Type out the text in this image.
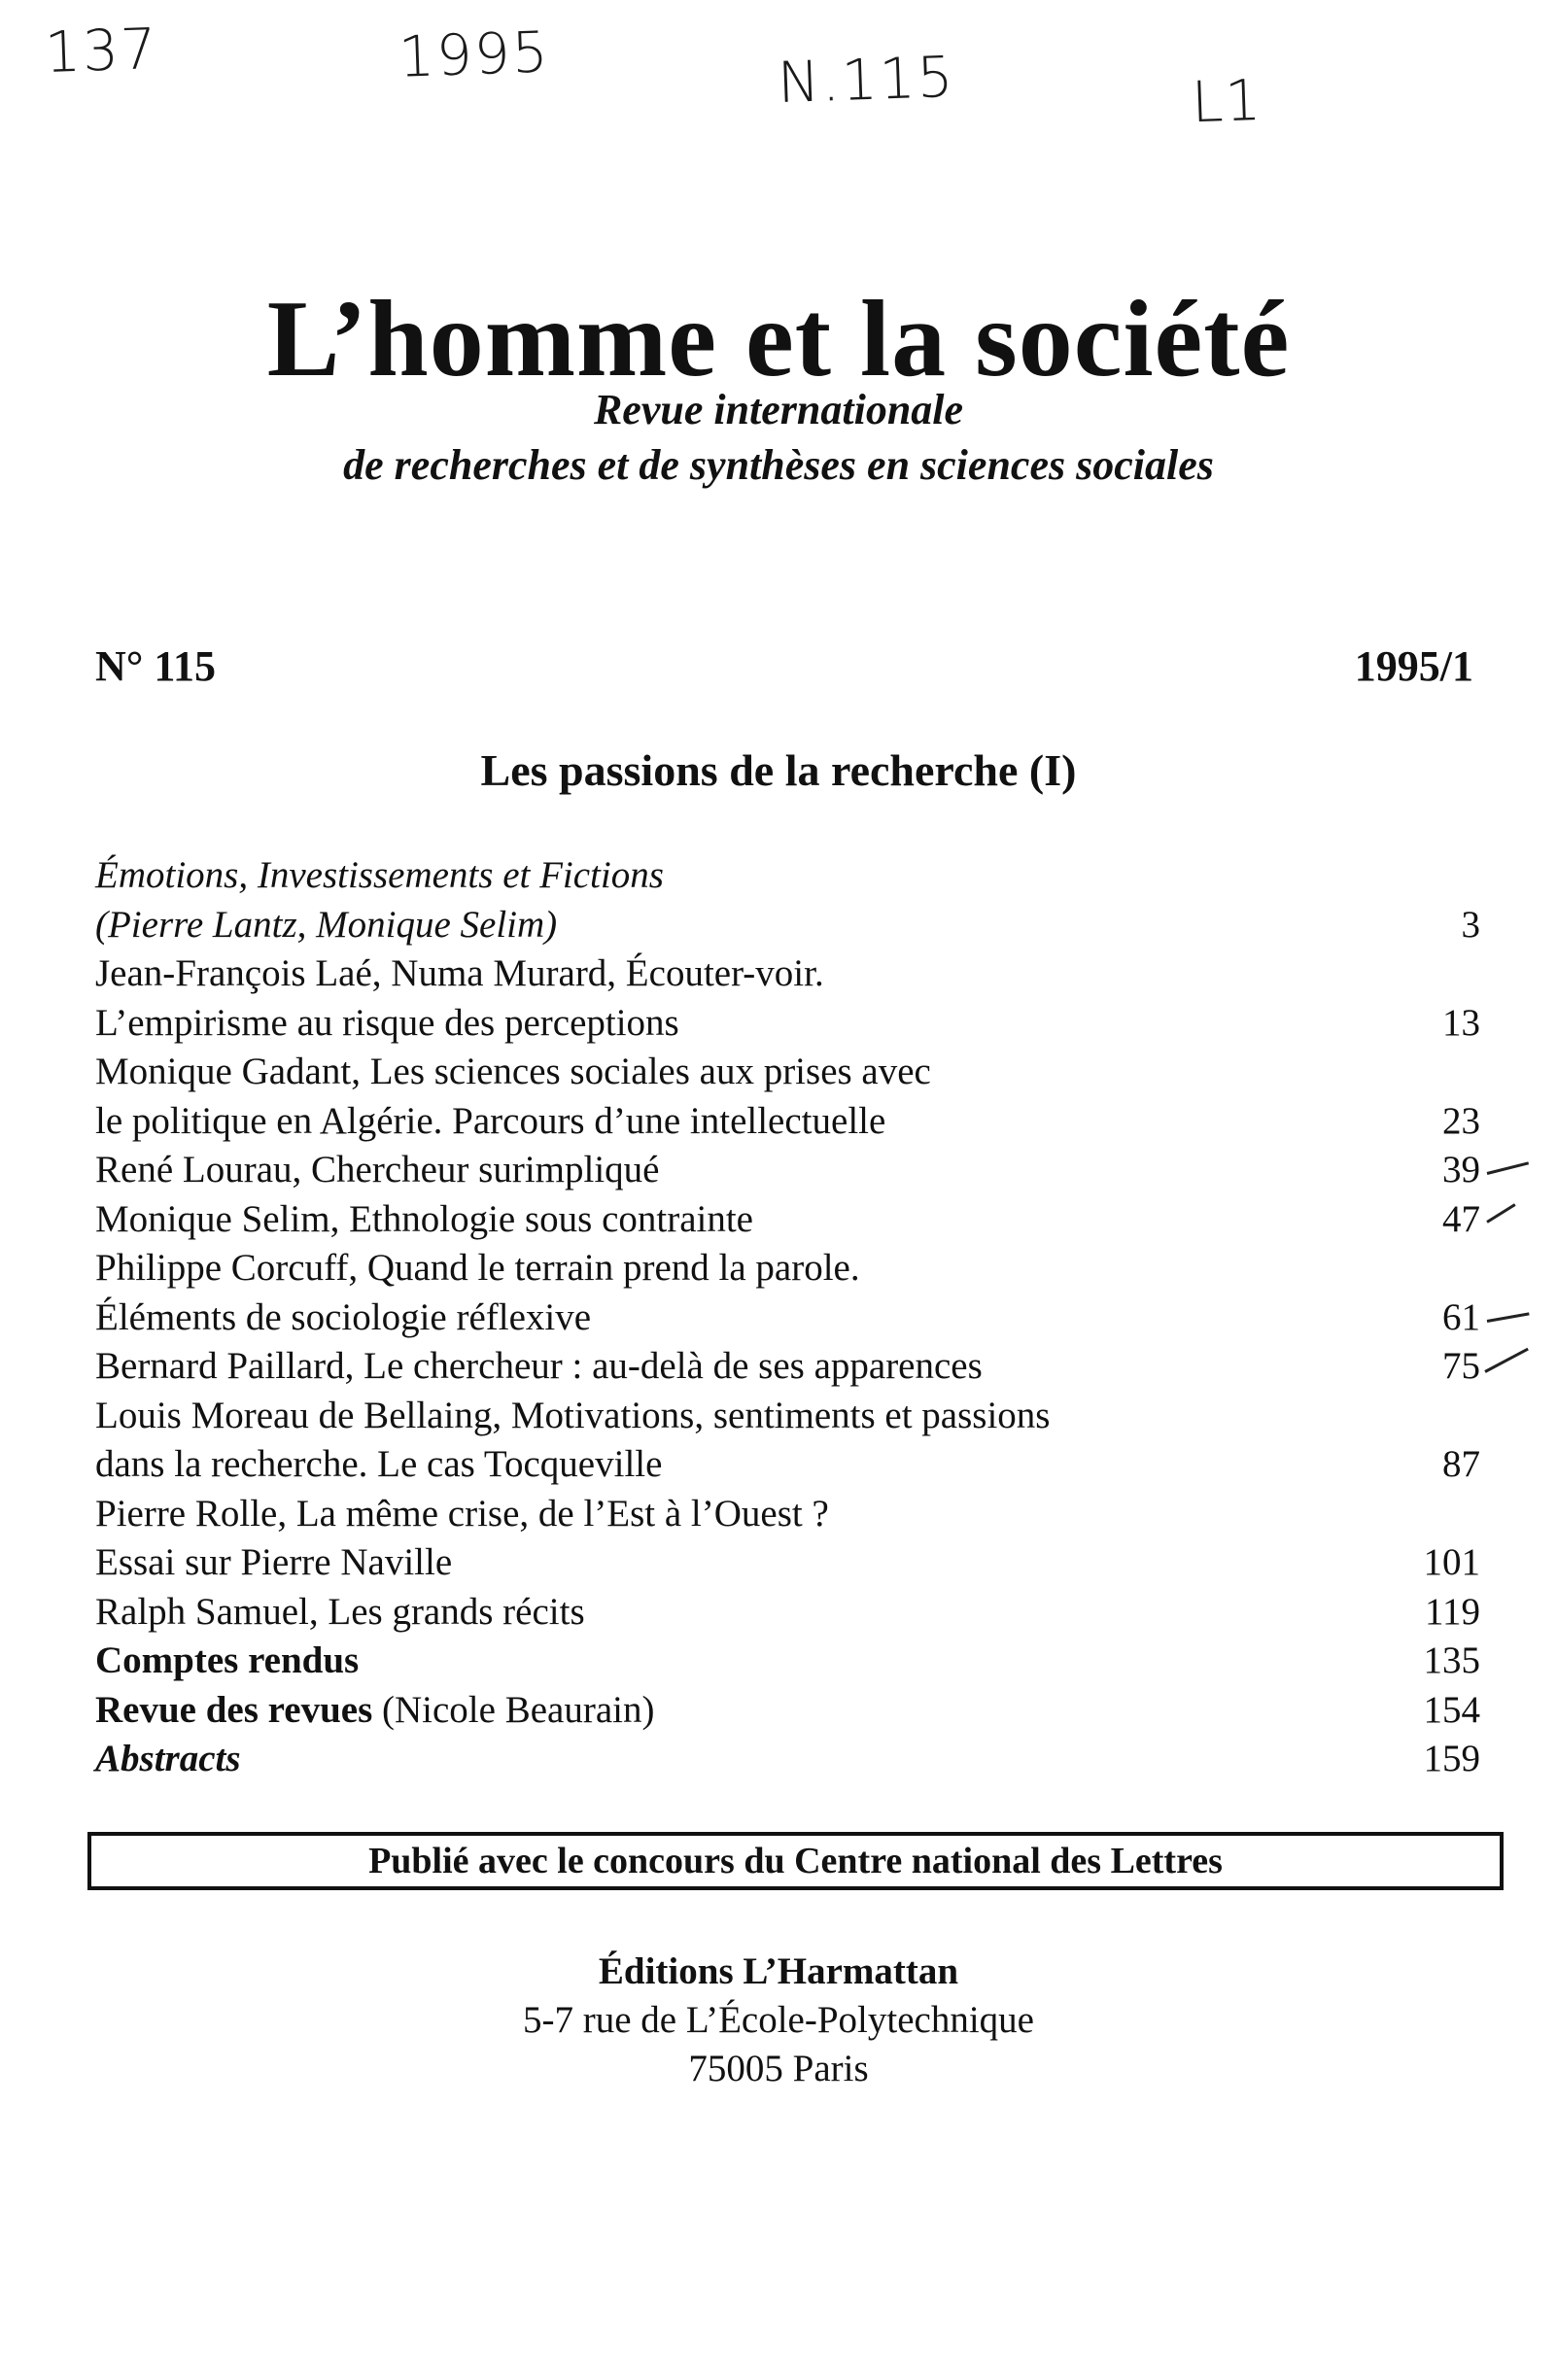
137	1995	N.115	L1
L’homme et la société
Revue internationale
de recherches et de synthèses en sciences sociales
N° 115	1995/1
Les passions de la recherche (I)
Émotions, Investissements et Fictions
(Pierre Lantz, Monique Selim)	3
Jean-François Laé, Numa Murard, Écouter-voir.
L’empirisme au risque des perceptions	13
Monique Gadant, Les sciences sociales aux prises avec
le politique en Algérie. Parcours d’une intellectuelle	23
René Lourau, Chercheur surimpliqué	39
Monique Selim, Ethnologie sous contrainte	47
Philippe Corcuff, Quand le terrain prend la parole.
Éléments de sociologie réflexive	61
Bernard Paillard, Le chercheur : au-delà de ses apparences	75
Louis Moreau de Bellaing, Motivations, sentiments et passions
dans la recherche. Le cas Tocqueville	87
Pierre Rolle, La même crise, de l’Est à l’Ouest ?
Essai sur Pierre Naville	101
Ralph Samuel, Les grands récits	119
Comptes rendus	135
Revue des revues (Nicole Beaurain)	154
Abstracts	159
Publié avec le concours du Centre national des Lettres
Éditions L’Harmattan
5-7 rue de L’École-Polytechnique
75005 Paris
